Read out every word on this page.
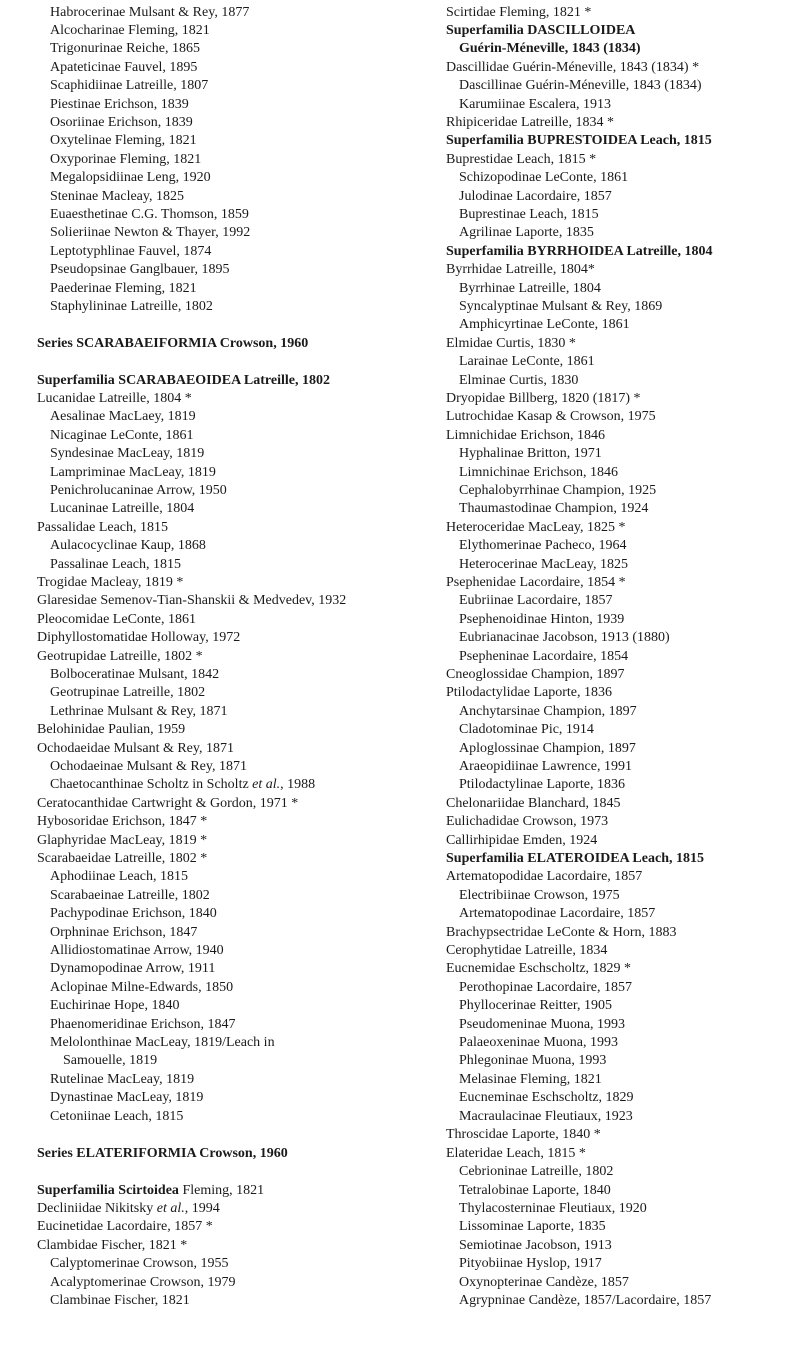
Habrocerinae Mulsant & Rey, 1877
Alcocharinae Fleming, 1821
Trigonurinae Reiche, 1865
Apateticinae Fauvel, 1895
Scaphidiinae Latreille, 1807
Piestinae Erichson, 1839
Osoriinae Erichson, 1839
Oxytelinae Fleming, 1821
Oxyporinae Fleming, 1821
Megalopsidiinae Leng, 1920
Steninae Macleay, 1825
Euaesthetinae C.G. Thomson, 1859
Solieriinae Newton & Thayer, 1992
Leptotyphlinae Fauvel, 1874
Pseudopsinae Ganglbauer, 1895
Paederinae Fleming, 1821
Staphylininae Latreille, 1802
Series SCARABAEIFORMIA Crowson, 1960
Superfamilia SCARABAEOIDEA Latreille, 1802
Lucanidae Latreille, 1804 *
Aesalinae MacLaey, 1819
Nicaginae LeConte, 1861
Syndesinae MacLeay, 1819
Lampriminae MacLeay, 1819
Penichrolucaninae Arrow, 1950
Lucaninae Latreille, 1804
Passalidae Leach, 1815
Aulacocyclinae Kaup, 1868
Passalinae Leach, 1815
Trogidae Macleay, 1819 *
Glaresidae Semenov-Tian-Shanskii & Medvedev, 1932
Pleocomidae LeConte, 1861
Diphyllostomatidae Holloway, 1972
Geotrupidae Latreille, 1802 *
Bolboceratinae Mulsant, 1842
Geotrupinae Latreille, 1802
Lethrinae Mulsant & Rey, 1871
Belohinidae Paulian, 1959
Ochodaeidae Mulsant & Rey, 1871
Ochodaeinae Mulsant & Rey, 1871
Chaetocanthinae Scholtz in Scholtz et al., 1988
Ceratocanthidae Cartwright & Gordon, 1971 *
Hybosoridae Erichson, 1847 *
Glaphyridae MacLeay, 1819 *
Scarabaeidae Latreille, 1802 *
Aphodiinae Leach, 1815
Scarabaeinae Latreille, 1802
Pachypodinae Erichson, 1840
Orphninae Erichson, 1847
Allidiostomatinae Arrow, 1940
Dynamopodinae Arrow, 1911
Aclopinae Milne-Edwards, 1850
Euchirinae Hope, 1840
Phaenomeridinae Erichson, 1847
Melolonthinae MacLeay, 1819/Leach in
Samouelle, 1819
Rutelinae MacLeay, 1819
Dynastinae MacLeay, 1819
Cetoniinae Leach, 1815
Series ELATERIFORMIA Crowson, 1960
Superfamilia Scirtoidea Fleming, 1821
Decliniidae Nikitsky et al., 1994
Eucinetidae Lacordaire, 1857 *
Clambidae Fischer, 1821 *
Calyptomerinae Crowson, 1955
Acalyptomerinae Crowson, 1979
Clambinae Fischer, 1821
Scirtidae Fleming, 1821 *
Superfamilia DASCILLOIDEA
Guérin-Méneville, 1843 (1834)
Dascillidae Guérin-Méneville, 1843 (1834) *
Dascillinae Guérin-Méneville, 1843 (1834)
Karumiinae Escalera, 1913
Rhipiceridae Latreille, 1834 *
Superfamilia BUPRESTOIDEA Leach, 1815
Buprestidae Leach, 1815 *
Schizopodinae LeConte, 1861
Julodinae Lacordaire, 1857
Buprestinae Leach, 1815
Agrilinae Laporte, 1835
Superfamilia BYRRHOIDEA Latreille, 1804
Byrrhidae Latreille, 1804*
Byrrhinae Latreille, 1804
Syncalyptinae Mulsant & Rey, 1869
Amphicyrtinae LeConte, 1861
Elmidae Curtis, 1830 *
Larainae LeConte, 1861
Elminae Curtis, 1830
Dryopidae Billberg, 1820 (1817) *
Lutrochidae Kasap & Crowson, 1975
Limnichidae Erichson, 1846
Hyphalinae Britton, 1971
Limnichinae Erichson, 1846
Cephalobyrrhinae Champion, 1925
Thaumastodinae Champion, 1924
Heteroceridae MacLeay, 1825 *
Elythomerinae Pacheco, 1964
Heterocerinae MacLeay, 1825
Psephenidae Lacordaire, 1854 *
Eubriinae Lacordaire, 1857
Psephenoidinae Hinton, 1939
Eubrianacinae Jacobson, 1913 (1880)
Psepheninae Lacordaire, 1854
Cneoglossidae Champion, 1897
Ptilodactylidae Laporte, 1836
Anchytarsinae Champion, 1897
Cladotominae Pic, 1914
Aploglossinae Champion, 1897
Araeopidiinae Lawrence, 1991
Ptilodactylinae Laporte, 1836
Chelonariidae Blanchard, 1845
Eulichadidae Crowson, 1973
Callirhipidae Emden, 1924
Superfamilia ELATEROIDEA Leach, 1815
Artematopodidae Lacordaire, 1857
Electribiinae Crowson, 1975
Artematopodinae Lacordaire, 1857
Brachypsectridae LeConte & Horn, 1883
Cerophytidae Latreille, 1834
Eucnemidae Eschscholtz, 1829 *
Perothopinae Lacordaire, 1857
Phyllocerinae Reitter, 1905
Pseudomeninae Muona, 1993
Palaeoxeninae Muona, 1993
Phlegoninae Muona, 1993
Melasinae Fleming, 1821
Eucneminae Eschscholtz, 1829
Macraulacinae Fleutiaux, 1923
Throscidae Laporte, 1840 *
Elateridae Leach, 1815 *
Cebrioninae Latreille, 1802
Tetralobinae Laporte, 1840
Thylacosterninae Fleutiaux, 1920
Lissominae Laporte, 1835
Semiotinae Jacobson, 1913
Pityobiinae Hyslop, 1917
Oxynopterinae Candèze, 1857
Agrypninae Candèze, 1857/Lacordaire, 1857
